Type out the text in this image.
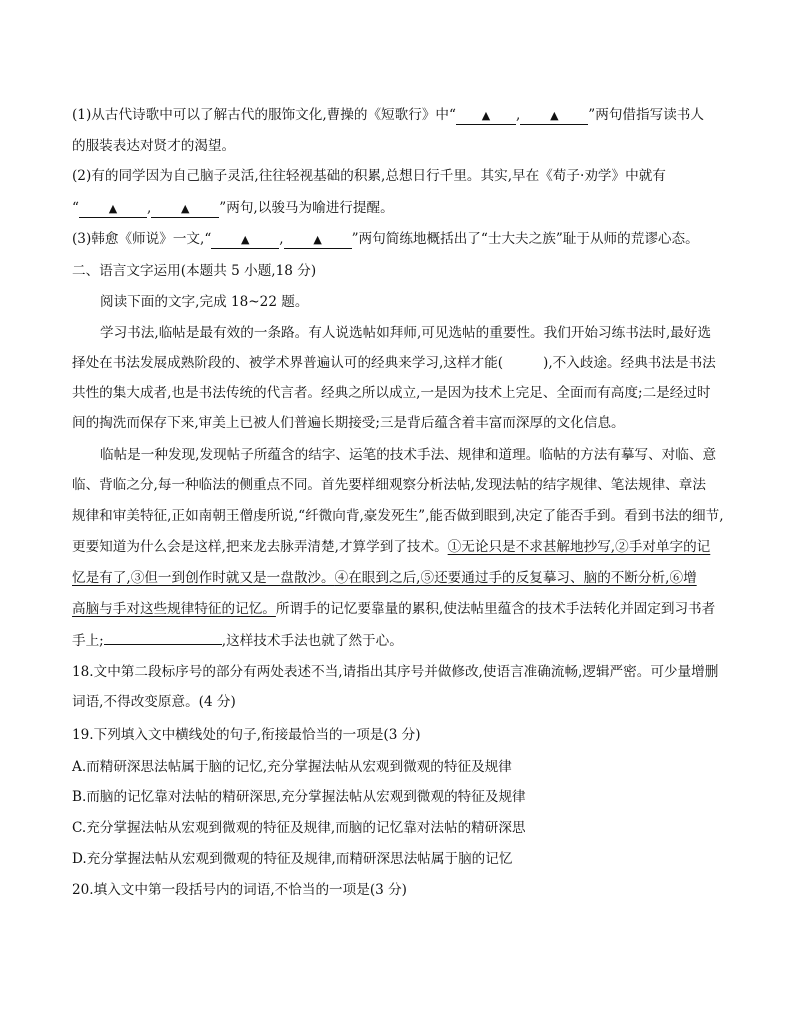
(1)从古代诗歌中可以了解古代的服饰文化,曹操的《短歌行》中“ ▲ ,	▲ ”两句借指写读书人
的服装表达对贤才的渴望。
(2)有的同学因为自己脑子灵活,往往轻视基础的积累,总想日行千里。其实,早在《荀子·劝学》中就有
“	▲ ,	▲ ”两句,以骏马为喻进行提醒。
(3)韩愈《师说》一文,“	▲ ,	▲ ”两句简练地概括出了“士大夫之族”耻于从师的荒谬心态。
二、语言文字运用(本题共 5 小题,18 分)
阅读下面的文字,完成 18~22 题。
学习书法,临帖是最有效的一条路。有人说选帖如拜师,可见选帖的重要性。我们开始习练书法时,最好选
择处在书法发展成熟阶段的、被学术界普遍认可的经典来学习,这样才能(	),不入歧途。经典书法是书法
共性的集大成者,也是书法传统的代言者。经典之所以成立,一是因为技术上完足、全面而有高度;二是经过时
间的掏洗而保存下来,审美上已被人们普遍长期接受;三是背后蕴含着丰富而深厚的文化信息。
临帖是一种发现,发现帖子所蕴含的结字、运笔的技术手法、规律和道理。临帖的方法有摹写、对临、意
临、背临之分,每一种临法的侧重点不同。首先要样细观察分析法帖,发现法帖的结字规律、笔法规律、章法
规律和审美特征,正如南朝王僧虔所说,“纤微向背,豪发死生”,能否做到眼到,决定了能否手到。看到书法的细节,
更要知道为什么会是这样,把来龙去脉弄清楚,才算学到了技术。①无论只是不求甚解地抄写,②手对单字的记
忆是有了,③但一到创作时就又是一盘散沙。④在眼到之后,⑤还要通过手的反复摹习、脑的不断分析,⑥增
高脑与手对这些规律特征的记忆。所谓手的记忆要靠量的累积,使法帖里蕴含的技术手法转化并固定到习书者
手上;	,这样技术手法也就了然于心。
18.文中第二段标序号的部分有两处表述不当,请指出其序号并做修改,使语言准确流畅,逻辑严密。可少量增删
词语,不得改变原意。(4 分)
19.下列填入文中横线处的句子,衔接最恰当的一项是(3 分)
A.而精研深思法帖属于脑的记忆,充分掌握法帖从宏观到微观的特征及规律
B.而脑的记忆靠对法帖的精研深思,充分掌握法帖从宏观到微观的特征及规律
C.充分掌握法帖从宏观到微观的特征及规律,而脑的记忆靠对法帖的精研深思
D.充分掌握法帖从宏观到微观的特征及规律,而精研深思法帖属于脑的记忆
20.填入文中第一段括号内的词语,不恰当的一项是(3 分)
